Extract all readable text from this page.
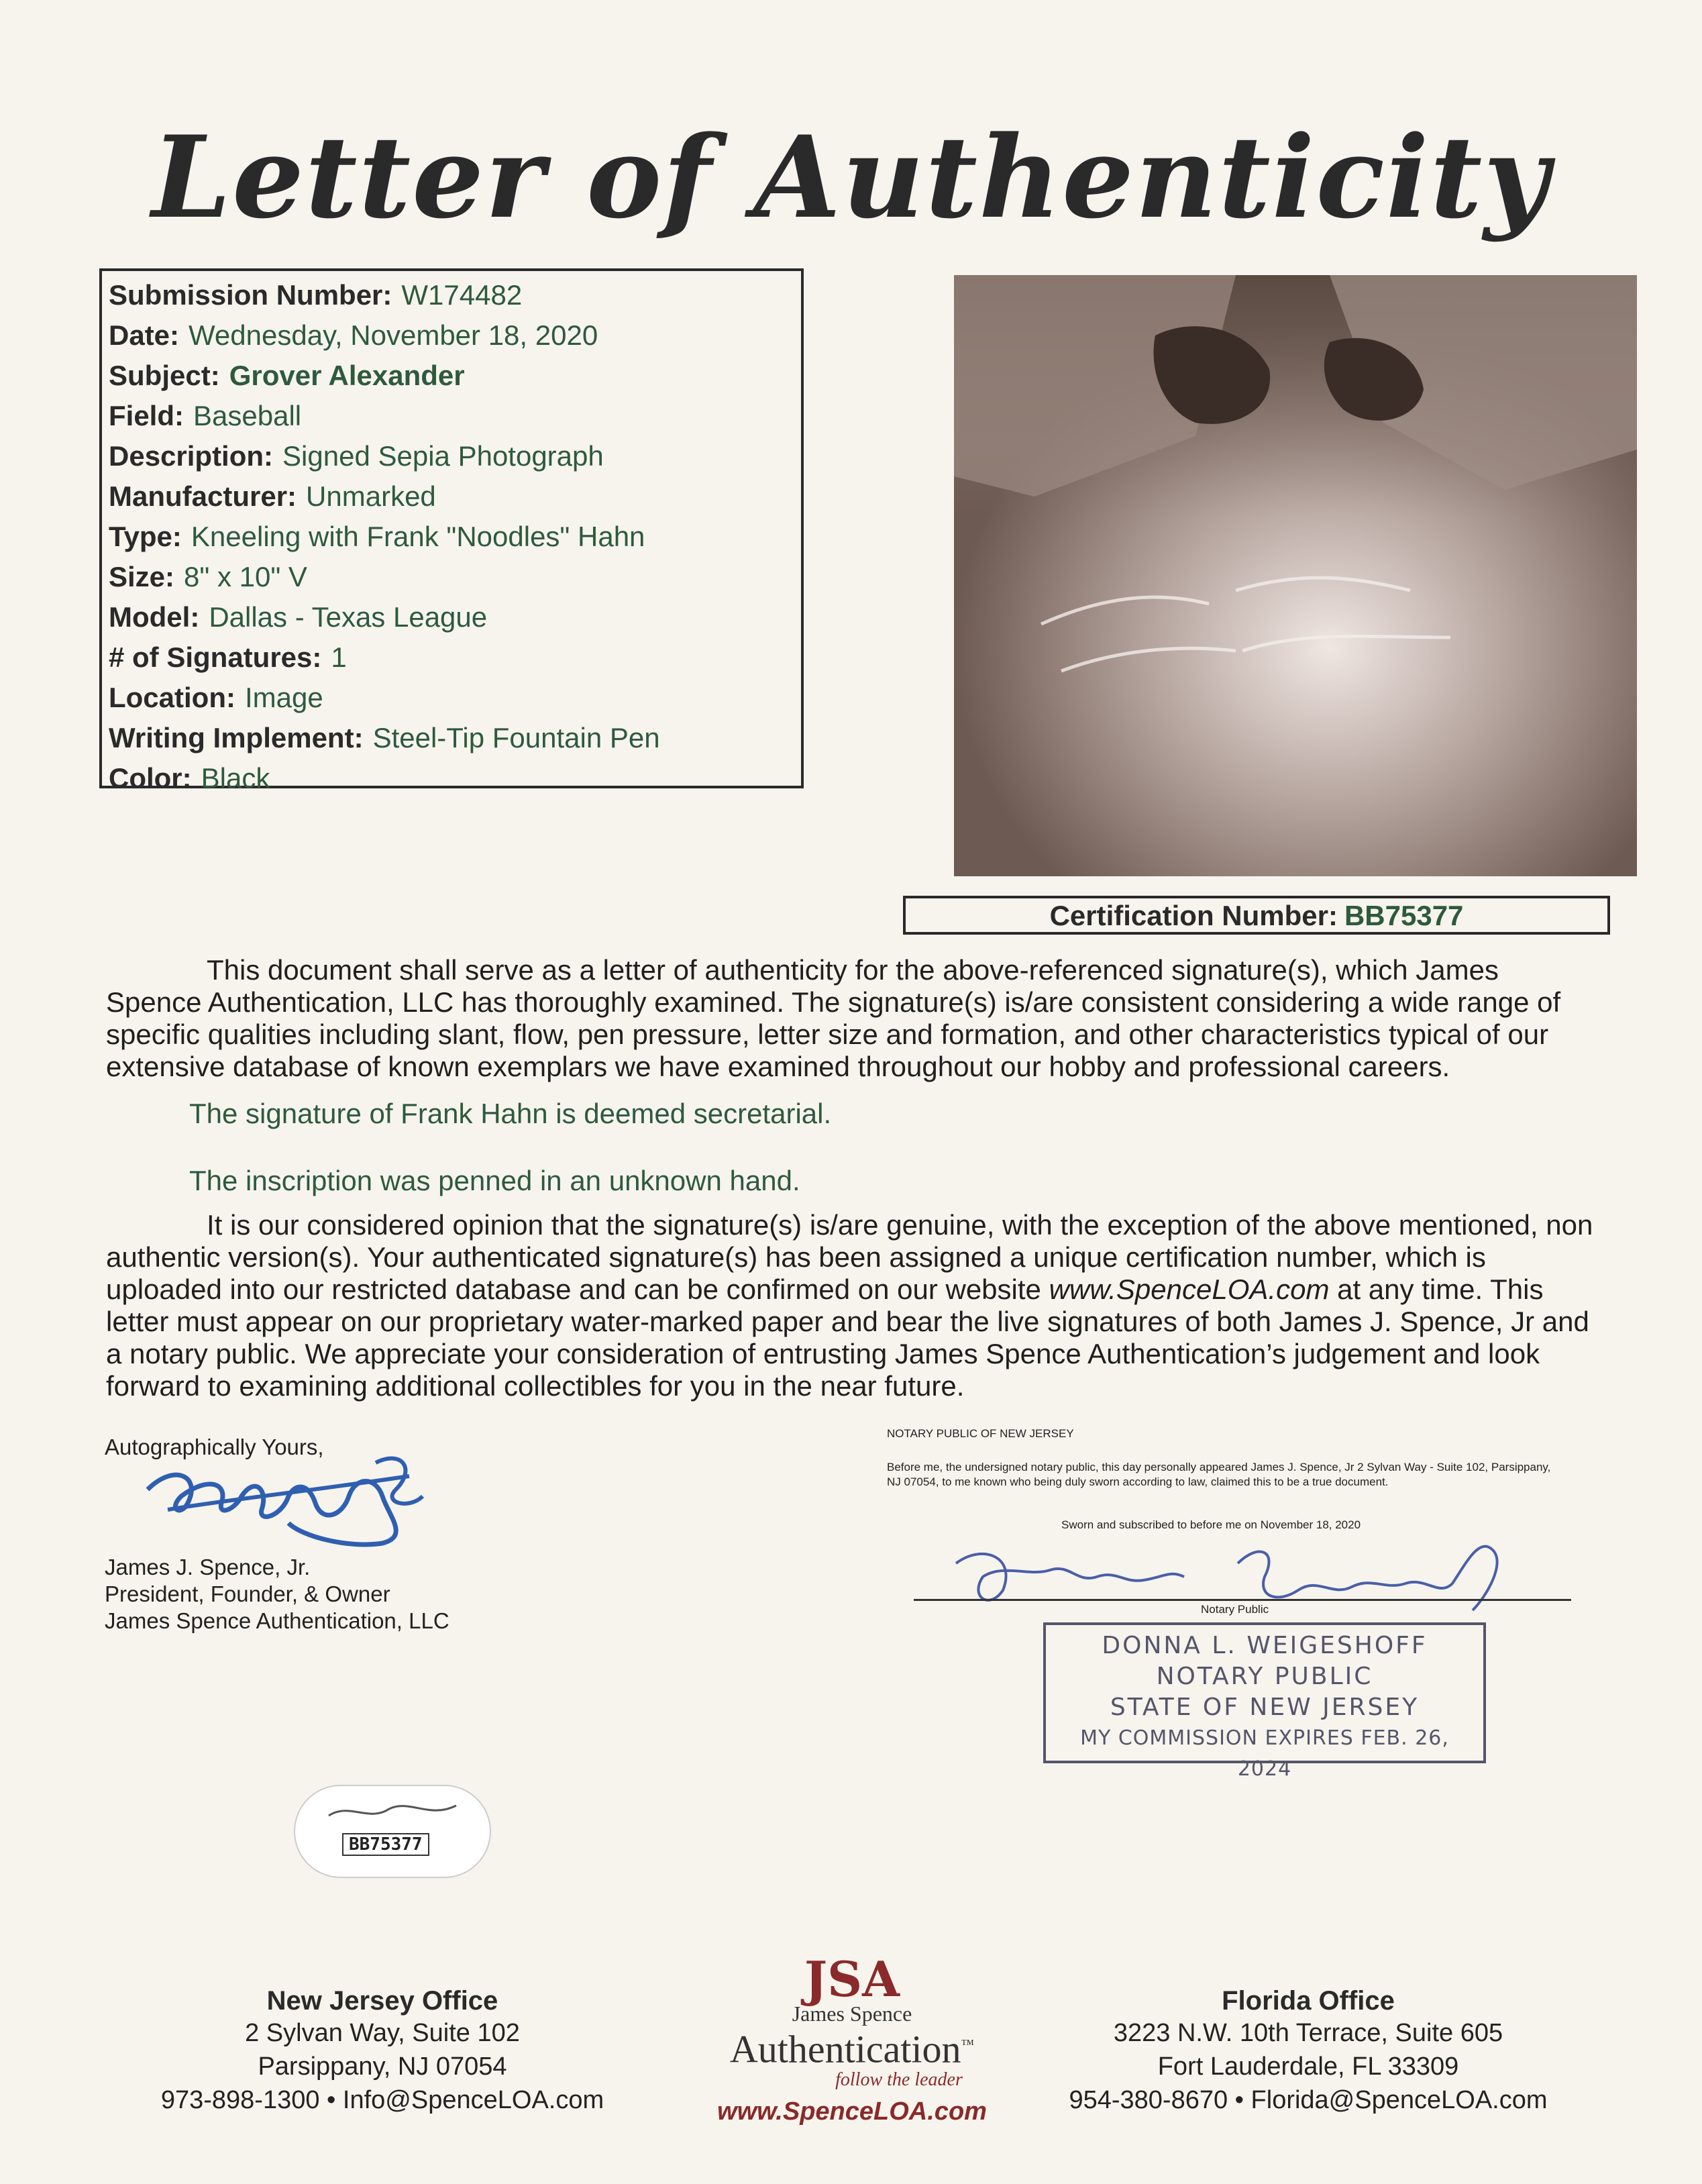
Letter of Authenticity
Submission Number: W174482
Date: Wednesday, November 18, 2020
Subject: Grover Alexander
Field: Baseball
Description: Signed Sepia Photograph
Manufacturer: Unmarked
Type: Kneeling with Frank "Noodles" Hahn
Size: 8" x 10" V
Model: Dallas - Texas League
# of Signatures: 1
Location: Image
Writing Implement: Steel-Tip Fountain Pen
Color: Black
Certification Number: BB75377
This document shall serve as a letter of authenticity for the above-referenced signature(s), which James Spence Authentication, LLC has thoroughly examined. The signature(s) is/are consistent considering a wide range of specific qualities including slant, flow, pen pressure, letter size and formation, and other characteristics typical of our extensive database of known exemplars we have examined throughout our hobby and professional careers.
The signature of Frank Hahn is deemed secretarial.
The inscription was penned in an unknown hand.
It is our considered opinion that the signature(s) is/are genuine, with the exception of the above mentioned, non authentic version(s). Your authenticated signature(s) has been assigned a unique certification number, which is uploaded into our restricted database and can be confirmed on our website www.SpenceLOA.com at any time. This letter must appear on our proprietary water-marked paper and bear the live signatures of both James J. Spence, Jr and a notary public. We appreciate your consideration of entrusting James Spence Authentication’s judgement and look forward to examining additional collectibles for you in the near future.
Autographically Yours,
James J. Spence, Jr.
President, Founder, & Owner
James Spence Authentication, LLC
NOTARY PUBLIC OF NEW JERSEY
Before me, the undersigned notary public, this day personally appeared James J. Spence, Jr 2 Sylvan Way - Suite 102, Parsippany, NJ 07054, to me known who being duly sworn according to law, claimed this to be a true document.
Sworn and subscribed to before me on November 18, 2020
Notary Public
DONNA L. WEIGESHOFF
NOTARY PUBLIC
STATE OF NEW JERSEY
MY COMMISSION EXPIRES FEB. 26, 2024
BB75377
New Jersey Office
2 Sylvan Way, Suite 102
Parsippany, NJ 07054
973-898-1300 • Info@SpenceLOA.com
JSA
James Spence
Authentication™
follow the leader
www.SpenceLOA.com
Florida Office
3223 N.W. 10th Terrace, Suite 605
Fort Lauderdale, FL 33309
954-380-8670 • Florida@SpenceLOA.com
